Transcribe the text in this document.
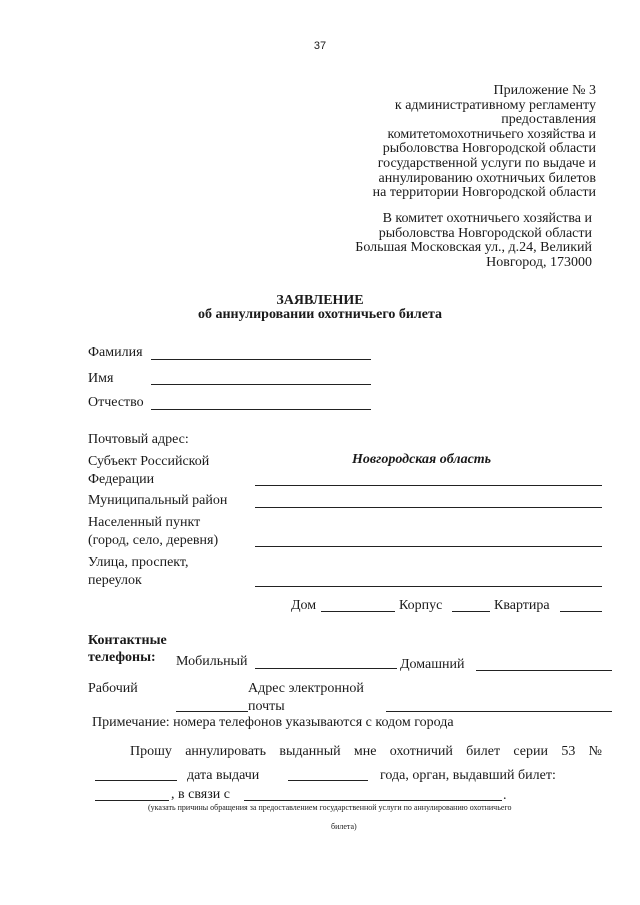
37
Приложение № 3
к административному регламенту
предоставления
комитетомохотничьего хозяйства и
рыболовства Новгородской области
государственной услуги по выдаче и
аннулированию охотничьих билетов
на территории Новгородской области
В комитет охотничьего хозяйства и
рыболовства Новгородской области
Большая Московская ул., д.24, Великий
Новгород, 173000
ЗАЯВЛЕНИЕ
об аннулировании охотничьего билета
Фамилия
Имя
Отчество
Почтовый адрес:
Субъект Российской
Федерации
Новгородская область
Муниципальный район
Населенный пункт
(город, село, деревня)
Улица, проспект,
переулок
Дом	Корпус	Квартира
Контактные
телефоны: Мобильный	Домашний
Рабочий	Адрес электронной
почты
Примечание: номера телефонов указываются с кодом города
Прошу аннулировать выданный мне охотничий билет серии 53 №
дата выдачи	года, орган, выдавший билет:
, в связи с	.
(указать причины обращения за предоставлением государственной услуги по аннулированию охотничьего
билета)
